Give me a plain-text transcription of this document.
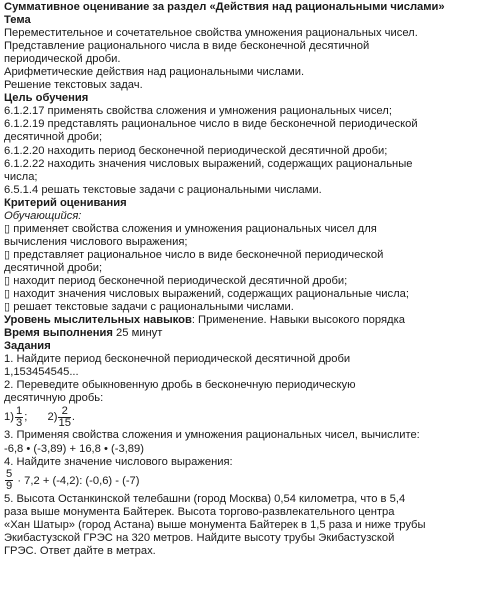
Суммативное оценивание за раздел «Действия над рациональными числами»
Тема
Переместительное и сочетательное свойства умножения рациональных чисел.
Представление рационального числа в виде бесконечной десятичной
периодической дроби.
Арифметические действия над рациональными числами.
Решение текстовых задач.
Цель обучения
6.1.2.17 применять свойства сложения и умножения рациональных чисел;
6.1.2.19 представлять рациональное число в виде бесконечной периодической
десятичной дроби;
6.1.2.20 находить период бесконечной периодической десятичной дроби;
6.1.2.22 находить значения числовых выражений, содержащих рациональные
числа;
6.5.1.4 решать текстовые задачи с рациональными числами.
Критерий оценивания
Обучающийся:
▯ применяет свойства сложения и умножения рациональных чисел для
вычисления числового выражения;
▯ представляет рациональное число в виде бесконечной периодической
десятичной дроби;
▯ находит период бесконечной периодической десятичной дроби;
▯ находит значения числовых выражений, содержащих рациональные числа;
▯ решает текстовые задачи с рациональными числами.
Уровень мыслительных навыков: Применение. Навыки высокого порядка
Время выполнения 25 минут
Задания
1. Найдите период бесконечной периодической десятичной дроби
1,153454545...
2. Переведите обыкновенную дробь в бесконечную периодическую
десятичную дробь:
$1) \frac{1}{3}$ ; $2) \frac{2}{15}$ .
3. Применяя свойства сложения и умножения рациональных чисел, вычислите:
-6,8 • (-3,89) + 16,8 • (-3,89)
4. Найдите значение числового выражения:
$\frac{5}{9} \cdot 7,2 + (-4,2)$: (-0,6) - (-7)
5. Высота Останкинской телебашни (город Москва) 0,54 километра, что в 5,4
раза выше монумента Байтерек. Высота торгово-развлекательного центра
«Хан Шатыр» (город Астана) выше монумента Байтерек в 1,5 раза и ниже трубы
Экибастузской ГРЭС на 320 метров. Найдите высоту трубы Экибастузской
ГРЭС. Ответ дайте в метрах.
